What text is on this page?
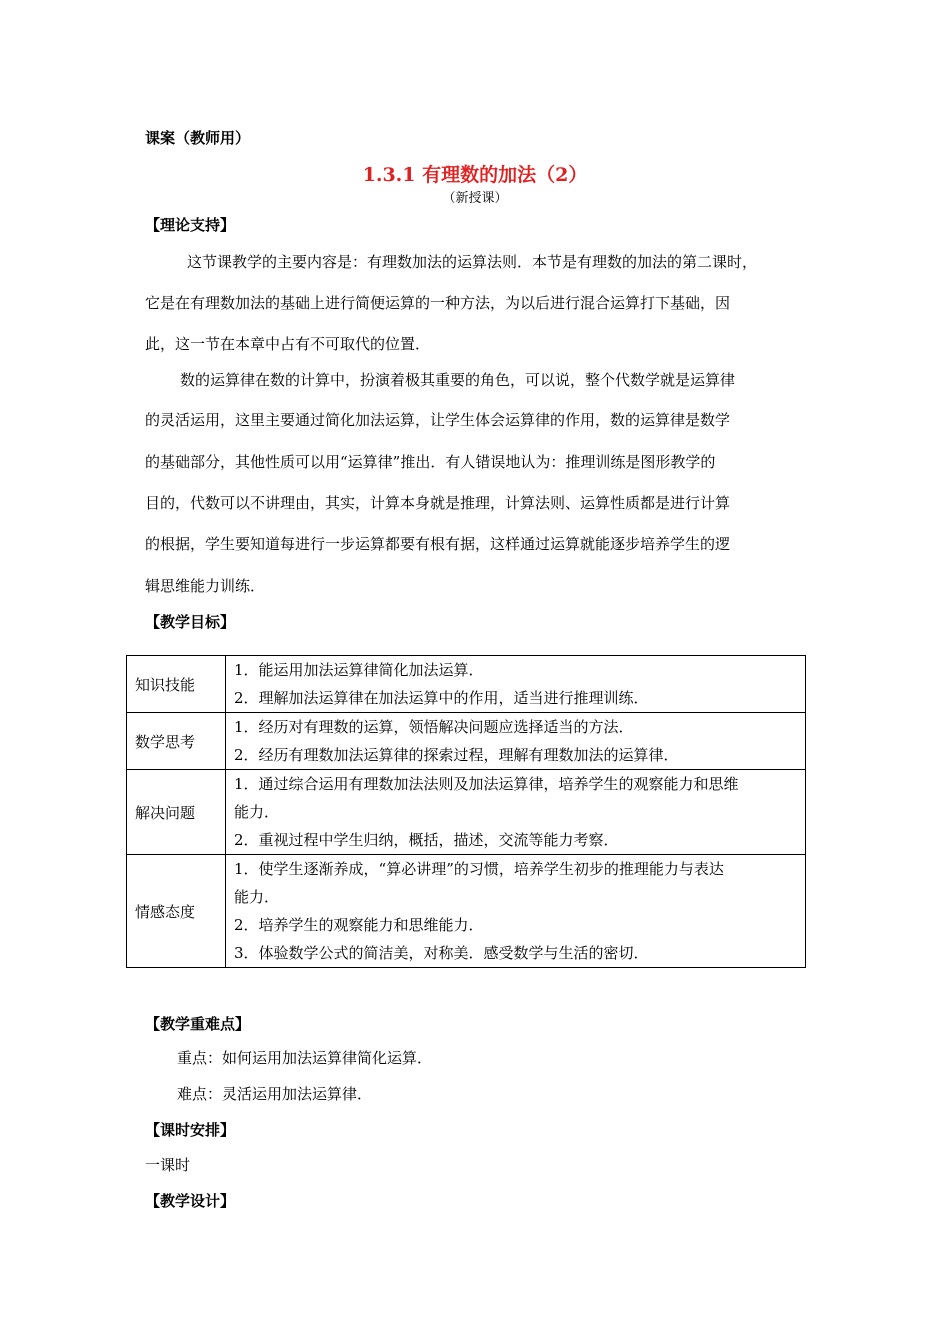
课案（教师用）
1.3.1 有理数的加法（2）
（新授课）
【理论支持】
这节课教学的主要内容是：有理数加法的运算法则．本节是有理数的加法的第二课时，
它是在有理数加法的基础上进行简便运算的一种方法，为以后进行混合运算打下基础，因
此，这一节在本章中占有不可取代的位置．
数的运算律在数的计算中，扮演着极其重要的角色，可以说，整个代数学就是运算律
的灵活运用，这里主要通过简化加法运算，让学生体会运算律的作用，数的运算律是数学
的基础部分，其他性质可以用“运算律”推出．有人错误地认为：推理训练是图形教学的
目的，代数可以不讲理由，其实，计算本身就是推理，计算法则、运算性质都是进行计算
的根据，学生要知道每进行一步运算都要有根有据，这样通过运算就能逐步培养学生的逻
辑思维能力训练．
【教学目标】
知识技能	1．能运用加法运算律简化加法运算．
2．理解加法运算律在加法运算中的作用，适当进行推理训练．

数学思考	1．经历对有理数的运算，领悟解决问题应选择适当的方法．
2．经历有理数加法运算律的探索过程，理解有理数加法的运算律．

解决问题	1．通过综合运用有理数加法法则及加法运算律，培养学生的观察能力和思维
能力．
2．重视过程中学生归纳，概括，描述，交流等能力考察．

情感态度	1．使学生逐渐养成，“算必讲理”的习惯，培养学生初步的推理能力与表达
能力．
2．培养学生的观察能力和思维能力．
3．体验数学公式的简洁美，对称美．感受数学与生活的密切．
【教学重难点】
重点：如何运用加法运算律简化运算．
难点：灵活运用加法运算律．
【课时安排】
一课时
【教学设计】
